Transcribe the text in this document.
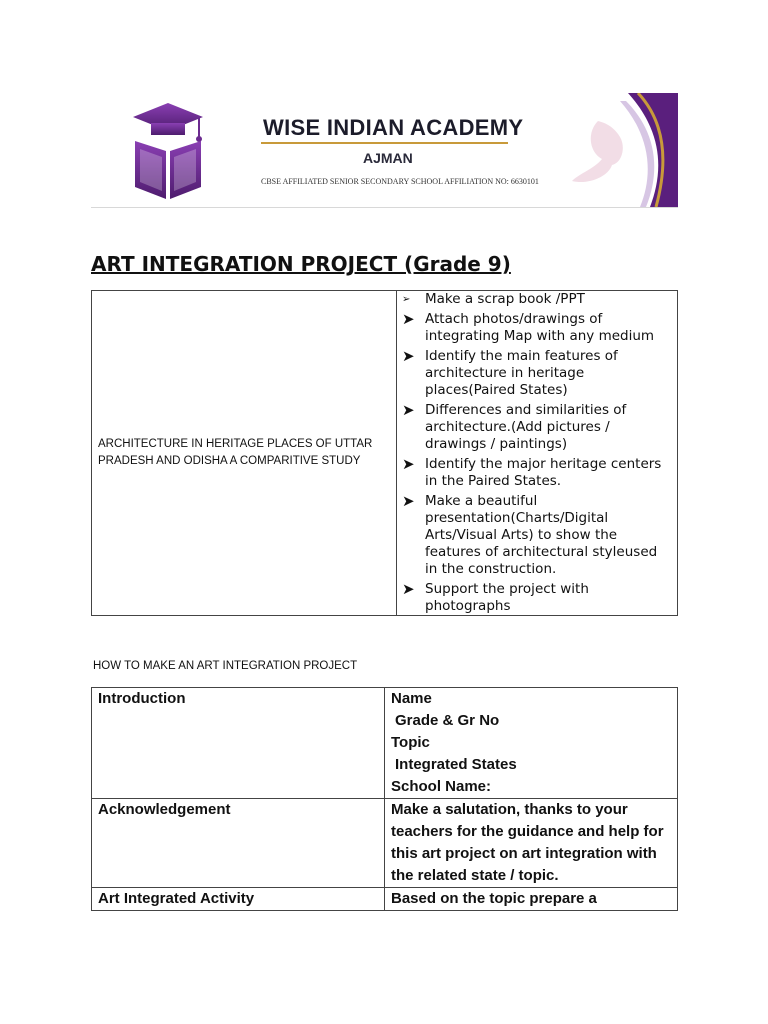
WISE INDIAN ACADEMY
AJMAN
CBSE AFFILIATED SENIOR SECONDARY SCHOOL AFFILIATION NO: 6630101
ART INTEGRATION PROJECT (Grade 9)
ARCHITECTURE IN HERITAGE PLACES OF UTTAR PRADESH AND ODISHA A COMPARITIVE STUDY	
➢ Make a scrap book /PPT
➤ Attach photos/drawings of integrating Map with any medium
➤ Identify the main features of architecture in heritage places(Paired States)
➤ Differences and similarities of architecture.(Add pictures / drawings / paintings)
➤ Identify the major heritage centers in the Paired States.
➤ Make a beautiful presentation(Charts/Digital Arts/Visual Arts) to show the features of architectural styleused in the construction.
➤ Support the project with photographs
HOW TO MAKE AN ART INTEGRATION PROJECT
Introduction	Name
Grade & Gr No
Topic
Integrated States
School Name:

Acknowledgement	Make a salutation, thanks to your
teachers for the guidance and help for
this art project on art integration with
the related state / topic.

Art Integrated Activity	Based on the topic prepare a
